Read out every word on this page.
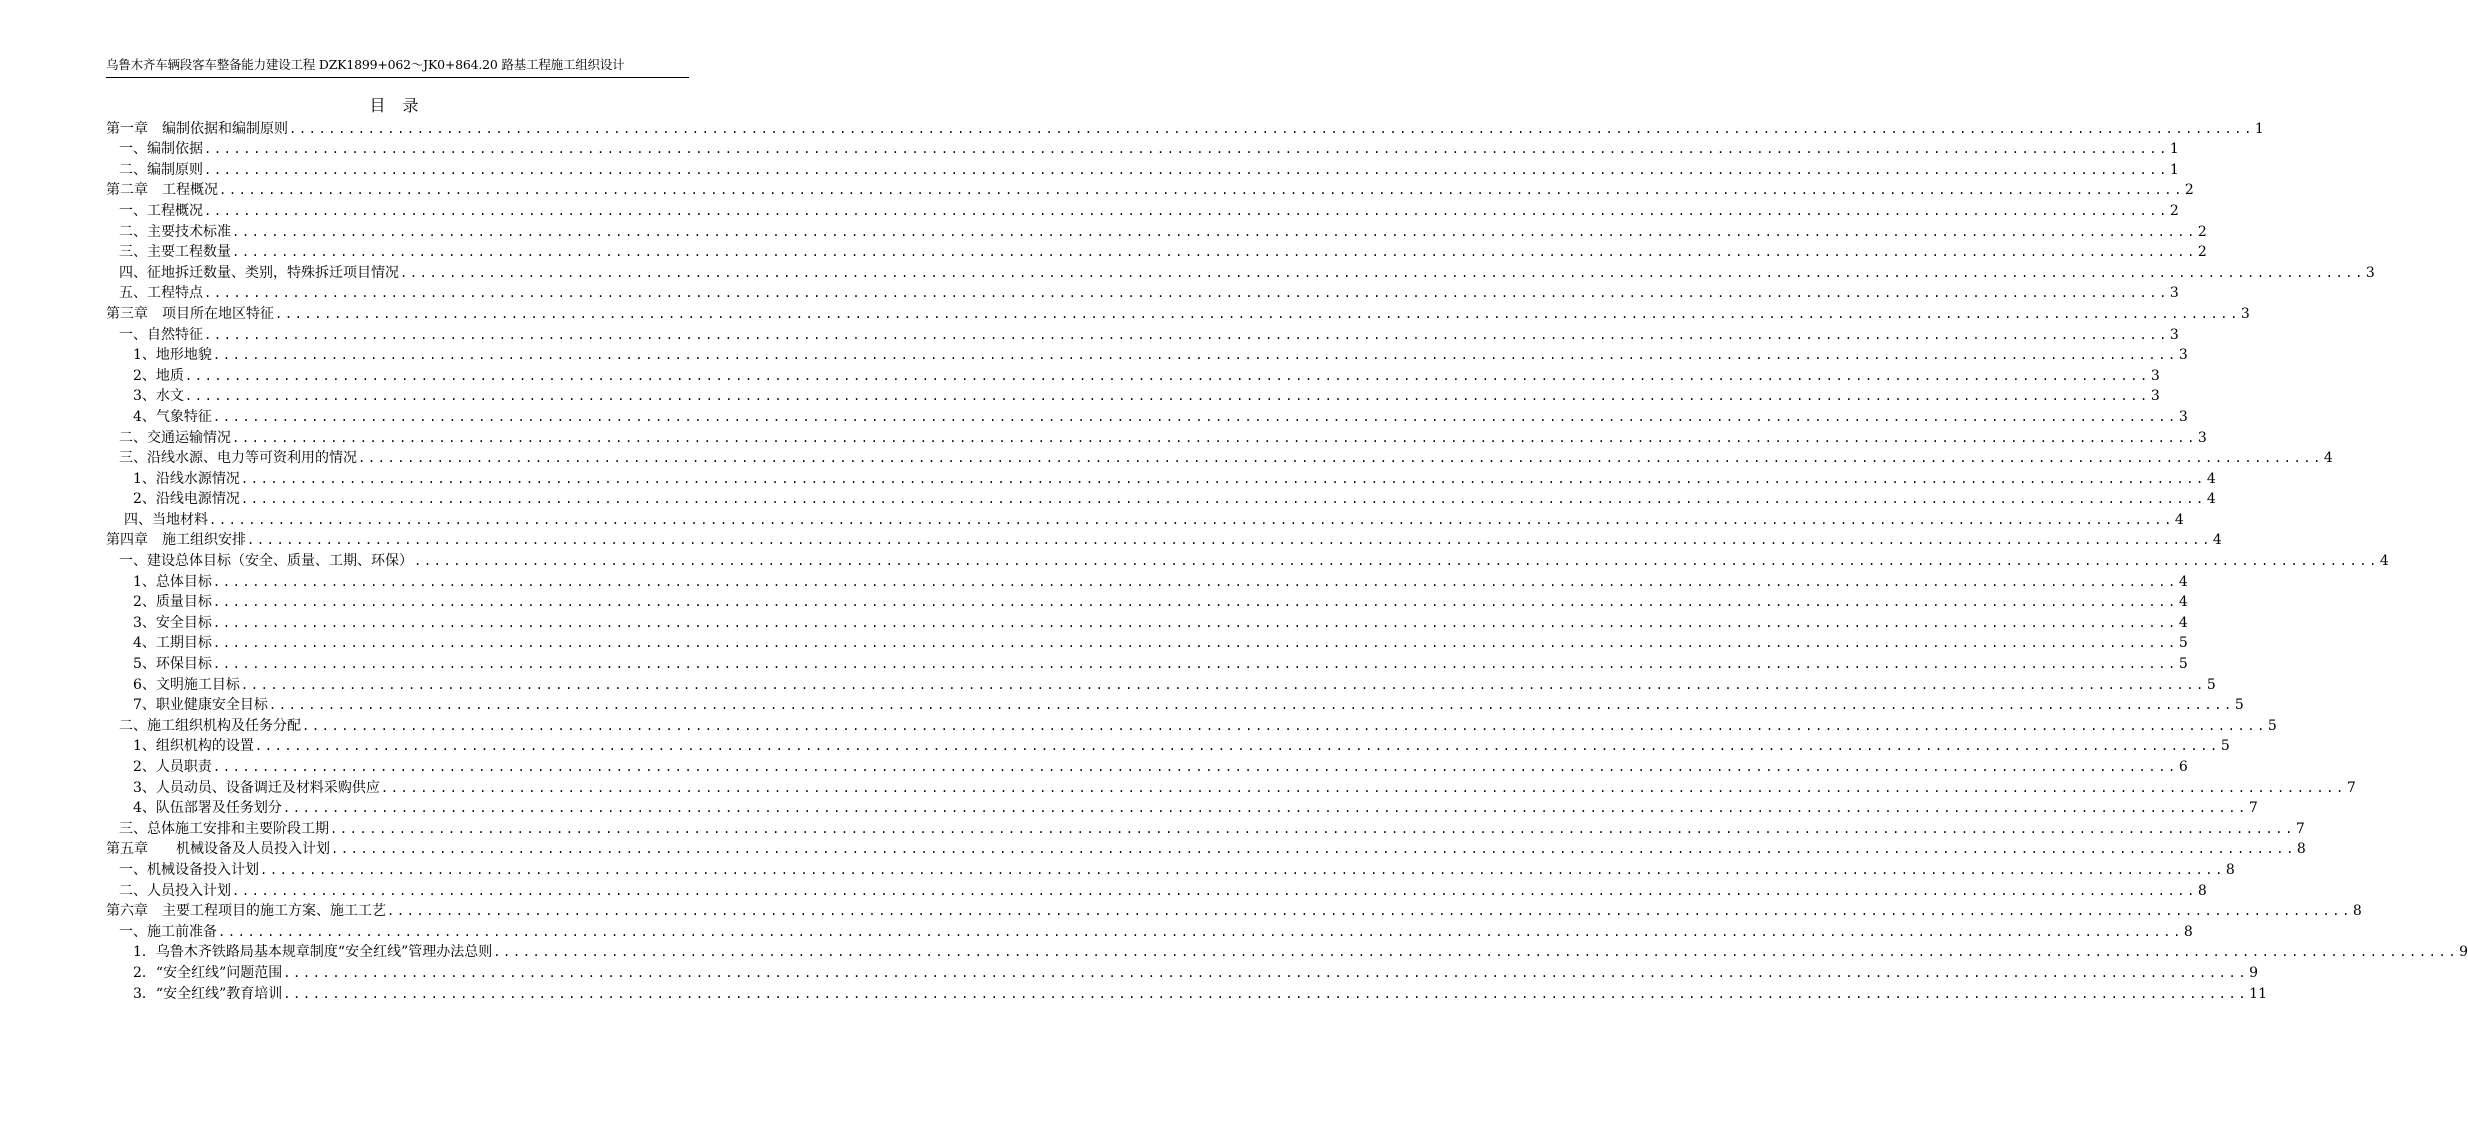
乌鲁木齐车辆段客车整备能力建设工程 DZK1899+062～JK0+864.20 路基工程施工组织设计
目 录
第一章　编制依据和编制原则 ........................................................................................................................................................................................................ 1
一、编制依据 ........................................................................................................................................................................................................ 1
二、编制原则 ........................................................................................................................................................................................................ 1
第二章　工程概况 ........................................................................................................................................................................................................ 2
一、工程概况 ........................................................................................................................................................................................................ 2
二、主要技术标准 ........................................................................................................................................................................................................ 2
三、主要工程数量 ........................................................................................................................................................................................................ 2
四、征地拆迁数量、类别，特殊拆迁项目情况 ........................................................................................................................................................................................................ 3
五、工程特点 ........................................................................................................................................................................................................ 3
第三章　项目所在地区特征 ........................................................................................................................................................................................................ 3
一、自然特征 ........................................................................................................................................................................................................ 3
1、地形地貌 ........................................................................................................................................................................................................ 3
2、地质 ........................................................................................................................................................................................................ 3
3、水文 ........................................................................................................................................................................................................ 3
4、气象特征 ........................................................................................................................................................................................................ 3
二、交通运输情况 ........................................................................................................................................................................................................ 3
三、沿线水源、电力等可资利用的情况 ........................................................................................................................................................................................................ 4
1、沿线水源情况 ........................................................................................................................................................................................................ 4
2、沿线电源情况 ........................................................................................................................................................................................................ 4
四、当地材料 ........................................................................................................................................................................................................ 4
第四章　施工组织安排 ........................................................................................................................................................................................................ 4
一、建设总体目标（安全、质量、工期、环保） ........................................................................................................................................................................................................ 4
1、总体目标 ........................................................................................................................................................................................................ 4
2、质量目标 ........................................................................................................................................................................................................ 4
3、安全目标 ........................................................................................................................................................................................................ 4
4、工期目标 ........................................................................................................................................................................................................ 5
5、环保目标 ........................................................................................................................................................................................................ 5
6、文明施工目标 ........................................................................................................................................................................................................ 5
7、职业健康安全目标 ........................................................................................................................................................................................................ 5
二、施工组织机构及任务分配 ........................................................................................................................................................................................................ 5
1、组织机构的设置 ........................................................................................................................................................................................................ 5
2、人员职责 ........................................................................................................................................................................................................ 6
3、人员动员、设备调迁及材料采购供应 ........................................................................................................................................................................................................ 7
4、队伍部署及任务划分 ........................................................................................................................................................................................................ 7
三、总体施工安排和主要阶段工期 ........................................................................................................................................................................................................ 7
第五章　　机械设备及人员投入计划 ........................................................................................................................................................................................................ 8
一、机械设备投入计划 ........................................................................................................................................................................................................ 8
二、人员投入计划 ........................................................................................................................................................................................................ 8
第六章　主要工程项目的施工方案、施工工艺 ........................................................................................................................................................................................................ 8
一、施工前准备 ........................................................................................................................................................................................................ 8
1．乌鲁木齐铁路局基本规章制度“安全红线”管理办法总则 ........................................................................................................................................................................................................ 9
2．“安全红线”问题范围 ........................................................................................................................................................................................................ 9
3．“安全红线”教育培训 ........................................................................................................................................................................................................ 11
